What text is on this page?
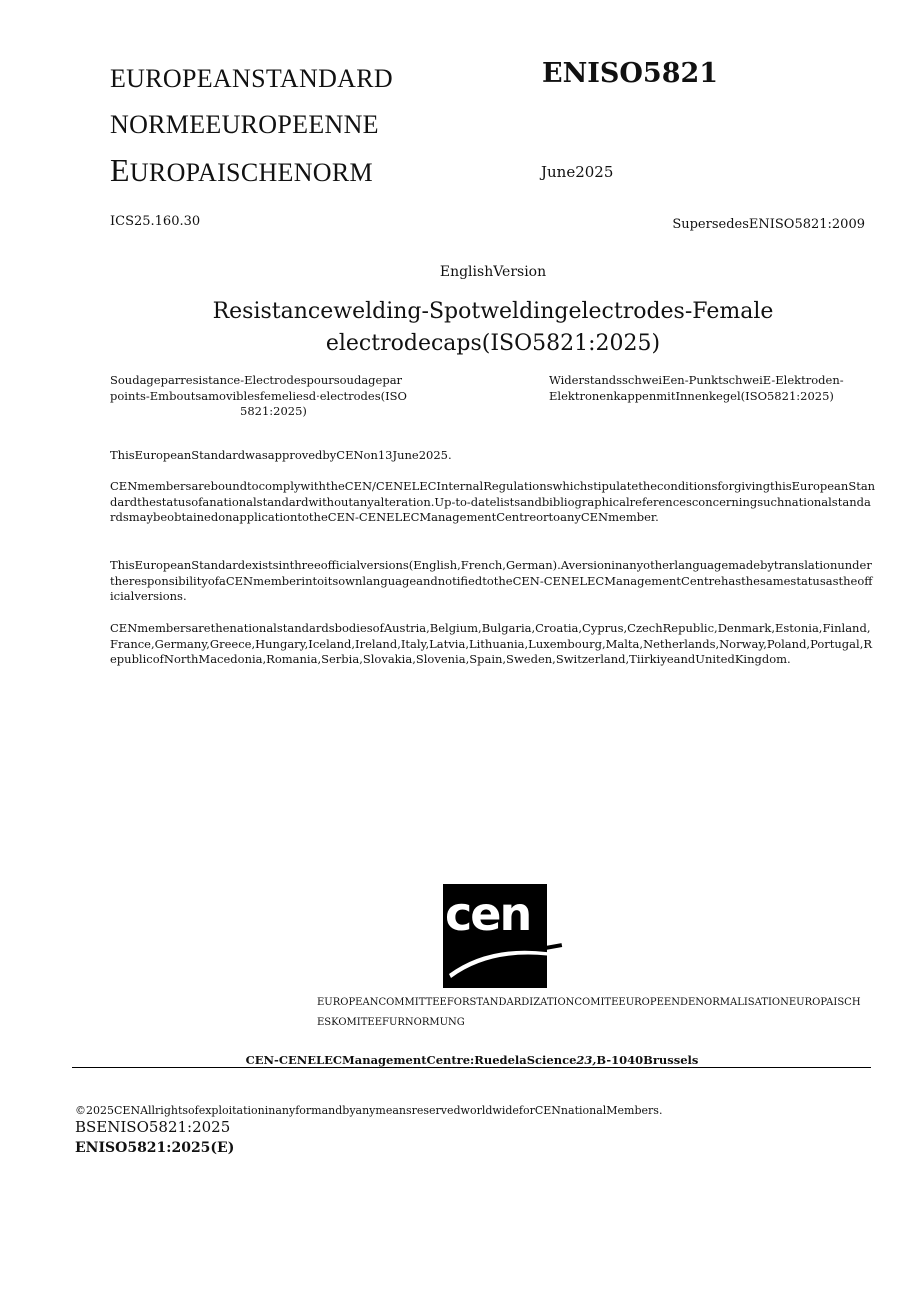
EUROPEANSTANDARD
NORMEEUROPEENNE
EUROPAISCHENORM
ENISO5821
June2025
ICS25.160.30	SupersedesENISO5821:2009
EnglishVersion
Resistancewelding-Spotweldingelectrodes-Female
electrodecaps(ISO5821:2025)
Soudageparresistance-Electrodespoursoudagepar
points-Emboutsamoviblesfemeliesd·electrodes(ISO
5821:2025)
WiderstandsschweiEen-PunktschweiE-Elektroden-
ElektronenkappenmitInnenkegel(ISO5821:2025)
ThisEuropeanStandardwasapprovedbyCENon13June2025.
CENmembersareboundtocomplywiththeCEN/CENELECInternalRegulationswhichstipulatetheconditionsforgivingthisEuropeanStandardthestatusofanationalstandardwithoutanyalteration.Up-to-datelistsandbibliographicalreferencesconcerningsuchnationalstandardsmaybeobtainedonapplicationtotheCEN-CENELECManagementCentreortoanyCENmember.
ThisEuropeanStandardexistsinthreeofficialversions(English,French,German).AversioninanyotherlanguagemadebytranslationundertheresponsibilityofaCENmemberintoitsownlanguageandnotifiedtotheCEN-CENELECManagementCentrehasthesamestatusastheofficialversions.
CENmembersarethenationalstandardsbodiesofAustria,Belgium,Bulgaria,Croatia,Cyprus,CzechRepublic,Denmark,Estonia,Finland,France,Germany,Greece,Hungary,Iceland,Ireland,Italy,Latvia,Lithuania,Luxembourg,Malta,Netherlands,Norway,Poland,Portugal,RepublicofNorthMacedonia,Romania,Serbia,Slovakia,Slovenia,Spain,Sweden,Switzerland,TiirkiyeandUnitedKingdom.
cen
EUROPEANCOMMITTEEFORSTANDARDIZATIONCOMITEEUROPEENDENORMALISATIONEUROPAISCH
ESKOMITEEFURNORMUNG
CEN-CENELECManagementCentre:RuedelaScience23,B-1040Brussels
©2025CENAllrightsofexploitationinanyformandbyanymeansreservedworldwideforCENnationalMembers.
BSENISO5821:2025
ENISO5821:2025(E)
